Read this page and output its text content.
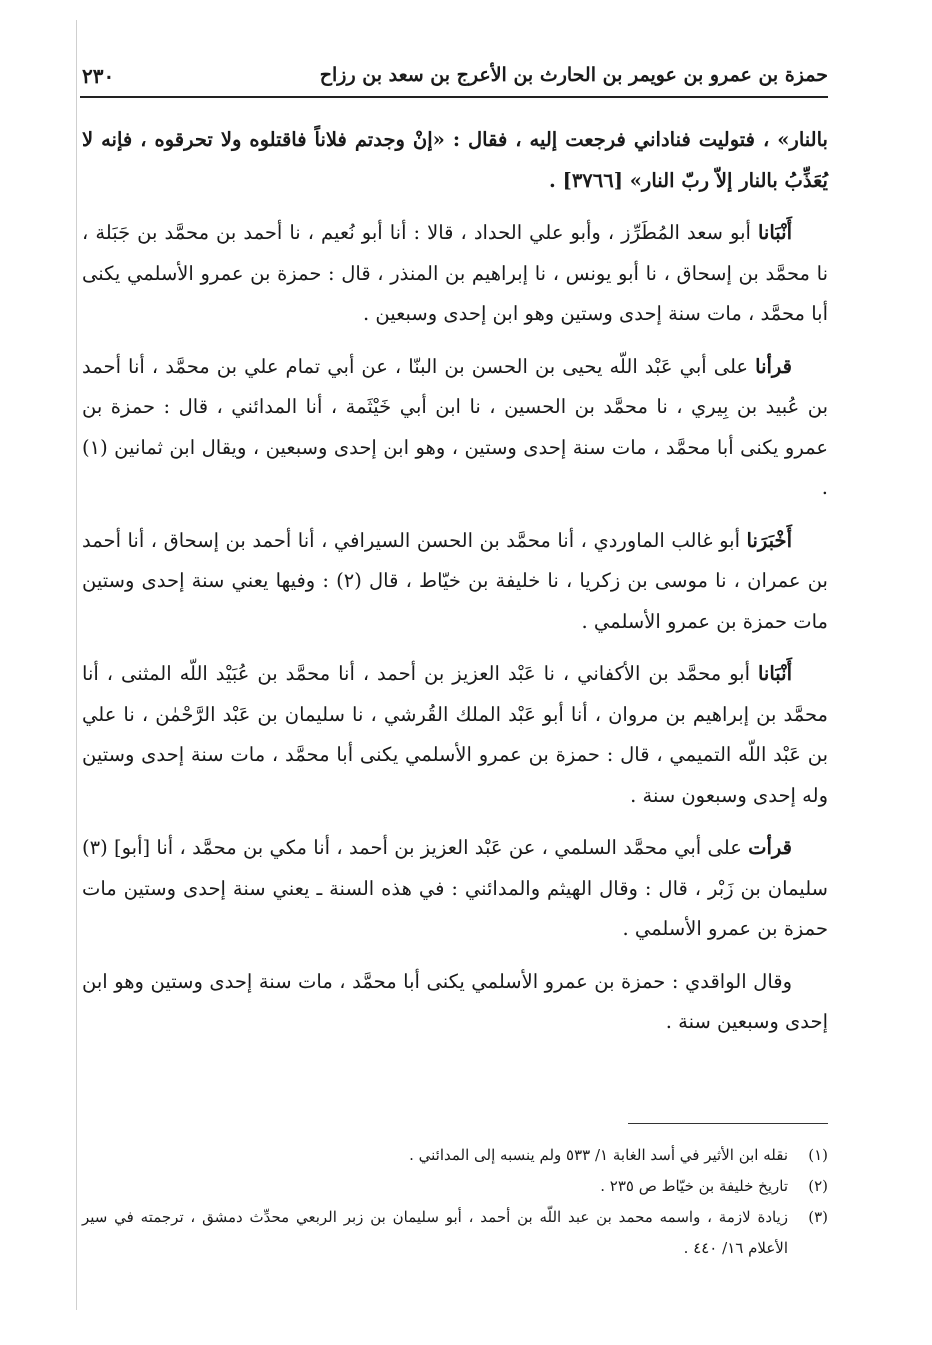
حمزة بن عمرو بن عويمر بن الحارث بن الأعرج بن سعد بن رزاح
٢٣٠

بالنار» ، فتوليت فناداني فرجعت إليه ، فقال : «إنْ وجدتم فلاناً فاقتلوه ولا تحرقوه ، فإنه لا يُعَذِّبُ بالنار إلاّ ربّ النار» [٣٧٦٦] .

أَنْبَانا أبو سعد المُطَرِّز ، وأبو علي الحداد ، قالا : أنا أبو نُعيم ، نا أحمد بن محمَّد بن جَبَلة ، نا محمَّد بن إسحاق ، نا أبو يونس ، نا إبراهيم بن المنذر ، قال : حمزة بن عمرو الأسلمي يكنى أبا محمَّد ، مات سنة إحدى وستين وهو ابن إحدى وسبعين .

قرأنا على أبي عَبْد اللّه يحيى بن الحسن بن البنّا ، عن أبي تمام علي بن محمَّد ، أنا أحمد بن عُبيد بن بِيري ، نا محمَّد بن الحسين ، نا ابن أبي خَيْثَمة ، أنا المدائني ، قال : حمزة بن عمرو يكنى أبا محمَّد ، مات سنة إحدى وستين ، وهو ابن إحدى وسبعين ، ويقال ابن ثمانين (١) .

أَخْبَرَنا أبو غالب الماوردي ، أنا محمَّد بن الحسن السيرافي ، أنا أحمد بن إسحاق ، أنا أحمد بن عمران ، نا موسى بن زكريا ، نا خليفة بن خيّاط ، قال (٢) : وفيها يعني سنة إحدى وستين مات حمزة بن عمرو الأسلمي .

أَنْبَانا أبو محمَّد بن الأكفاني ، نا عَبْد العزيز بن أحمد ، أنا محمَّد بن عُبَيْد اللّه المثنى ، أنا محمَّد بن إبراهيم بن مروان ، أنا أبو عَبْد الملك القُرشي ، نا سليمان بن عَبْد الرَّحْمٰن ، نا علي بن عَبْد اللّه التميمي ، قال : حمزة بن عمرو الأسلمي يكنى أبا محمَّد ، مات سنة إحدى وستين وله إحدى وسبعون سنة .

قرأت على أبي محمَّد السلمي ، عن عَبْد العزيز بن أحمد ، أنا مكي بن محمَّد ، أنا [أبو] (٣) سليمان بن زَبْر ، قال : وقال الهيثم والمدائني : في هذه السنة ـ يعني سنة إحدى وستين مات حمزة بن عمرو الأسلمي .

وقال الواقدي : حمزة بن عمرو الأسلمي يكنى أبا محمَّد ، مات سنة إحدى وستين وهو ابن إحدى وسبعين سنة .

(١)
نقله ابن الأثير في أسد الغابة ١/ ٥٣٣ ولم ينسبه إلى المدائني .
(٢)
تاريخ خليفة بن خيّاط ص ٢٣٥ .
(٣)
زيادة لازمة ، واسمه محمد بن عبد اللّه بن أحمد ، أبو سليمان بن زبر الربعي محدِّث دمشق ، ترجمته في سير الأعلام ١٦/ ٤٤٠ .
